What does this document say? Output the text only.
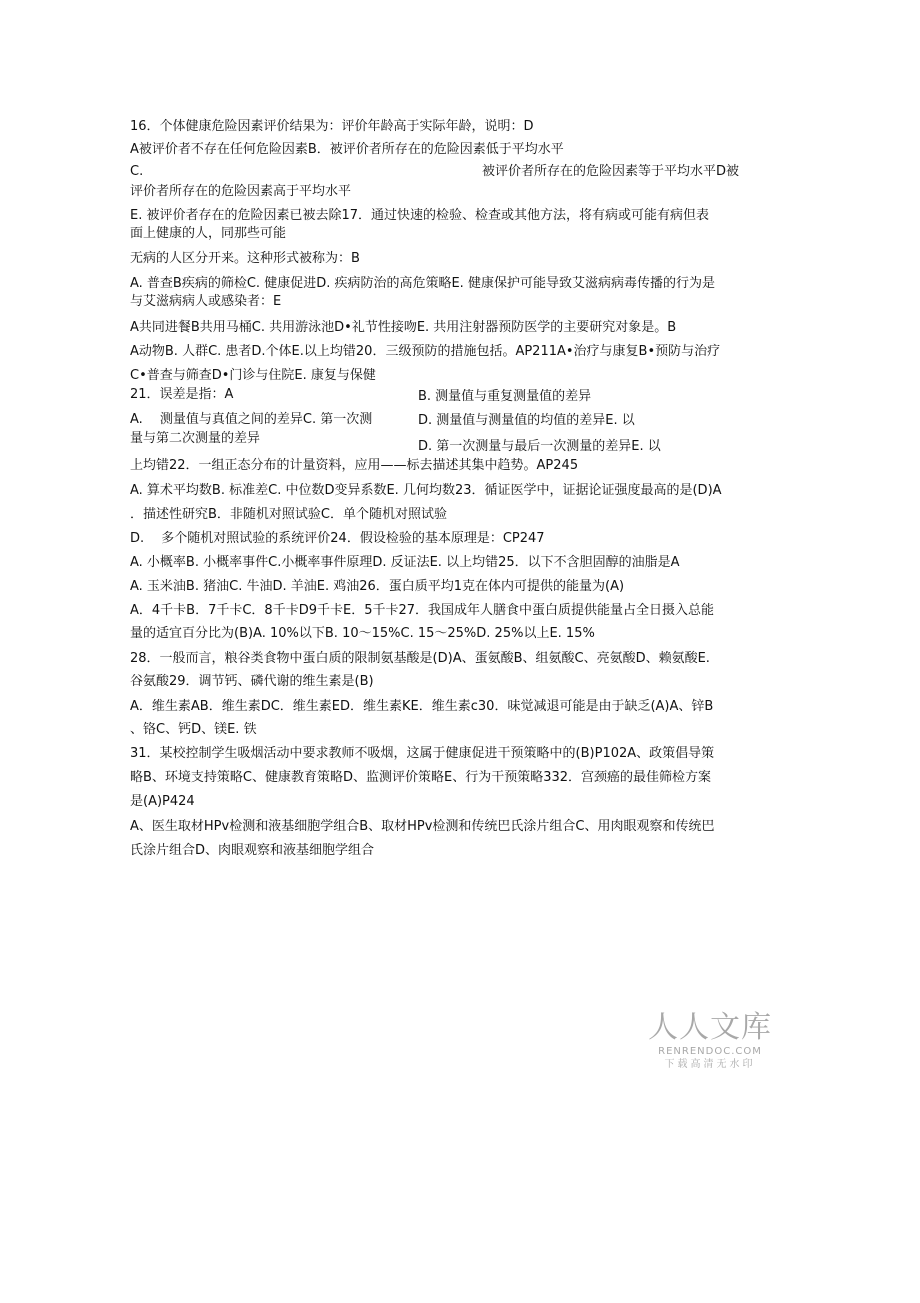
16．个体健康危险因素评价结果为：评价年龄高于实际年龄，说明：D
A被评价者不存在任何危险因素B．被评价者所存在的危险因素低于平均水平
C.	被评价者所存在的危险因素等于平均水平D被
评价者所存在的危险因素高于平均水平
E. 被评价者存在的危险因素已被去除17．通过快速的检验、检查或其他方法，将有病或可能有病但表
面上健康的人，同那些可能
无病的人区分开来。这种形式被称为：B
A. 普查B疾病的筛检C. 健康促进D. 疾病防治的高危策略E. 健康保护可能导致艾滋病病毒传播的行为是
与艾滋病病人或感染者：E
A共同进餐B共用马桶C. 共用游泳池D•礼节性接吻E. 共用注射器预防医学的主要研究对象是。B
A动物B. 人群C. 患者D.个体E.以上均错20．三级预防的措施包括。AP211A•治疗与康复B•预防与治疗
C•普查与筛查D•门诊与住院E. 康复与保健
21．误差是指：A	B. 测量值与重复测量值的差异
A.　 测量值与真值之间的差异C. 第一次测	D. 测量值与测量值的均值的差异E. 以
量与第二次测量的差异
D. 第一次测量与最后一次测量的差异E. 以
上均错22．一组正态分布的计量资料，应用——标去描述其集中趋势。AP245
A. 算术平均数B. 标准差C. 中位数D变异系数E. 几何均数23．循证医学中，证据论证强度最高的是(D)A
．描述性研究B．非随机对照试验C．单个随机对照试验
D.　 多个随机对照试验的系统评价24．假设检验的基本原理是：CP247
A. 小概率B. 小概率事件C.小概率事件原理D. 反证法E. 以上均错25．以下不含胆固醇的油脂是A
A. 玉米油B. 猪油C. 牛油D. 羊油E. 鸡油26．蛋白质平均1克在体内可提供的能量为(A)
A．4千卡B．7千卡C．8千卡D9千卡E．5千卡27．我国成年人膳食中蛋白质提供能量占全日摄入总能
量的适宜百分比为(B)A. 10%以下B. 10～15%C. 15～25%D. 25%以上E. 15%
28．一般而言，粮谷类食物中蛋白质的限制氨基酸是(D)A、蛋氨酸B、组氨酸C、亮氨酸D、赖氨酸E.
谷氨酸29．调节钙、磷代谢的维生素是(B)
A．维生素AB．维生素DC．维生素ED．维生素KE．维生素c30．味觉减退可能是由于缺乏(A)A、锌B
、铬C、钙D、镁E. 铁
31．某校控制学生吸烟活动中要求教师不吸烟，这属于健康促进干预策略中的(B)P102A、政策倡导策
略B、环境支持策略C、健康教育策略D、监测评价策略E、行为干预策略332．宫颈癌的最佳筛检方案
是(A)P424
A、医生取材HPv检测和液基细胞学组合B、取材HPv检测和传统巴氏涂片组合C、用肉眼观察和传统巴
氏涂片组合D、肉眼观察和液基细胞学组合
人人文库
RENRENDOC.COM
下载高清无水印
